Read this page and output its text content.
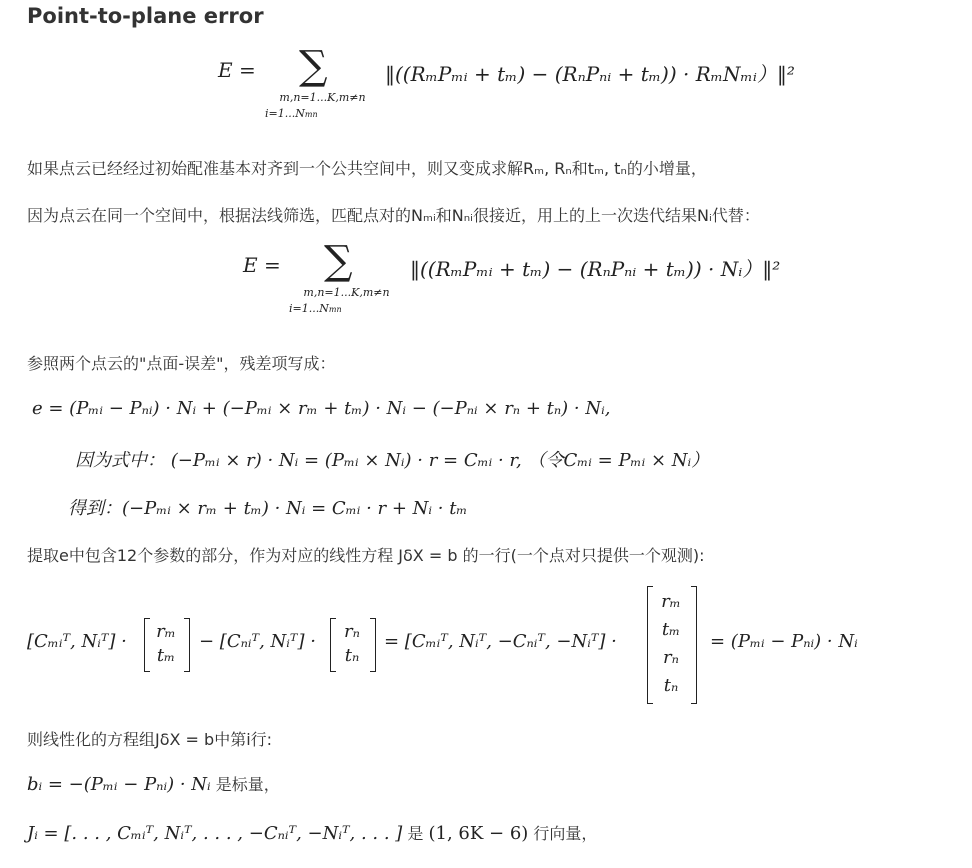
Point-to-plane error
E = ∑
m,n=1...K,m≠n
i=1...Nmn
‖((RₘPₘᵢ + tₘ) − (RₙPₙᵢ + tₘ)) · RₘNₘᵢ）‖²
如果点云已经经过初始配准基本对齐到一个公共空间中，则又变成求解Rₘ, Rₙ和tₘ, tₙ的小增量，
因为点云在同一个空间中，根据法线筛选，匹配点对的Nₘᵢ和Nₙᵢ很接近，用上的上一次迭代结果Nᵢ代替：
E = ∑
m,n=1...K,m≠n
i=1...Nmn
‖((RₘPₘᵢ + tₘ) − (RₙPₙᵢ + tₘ)) · Nᵢ）‖²
参照两个点云的"点面-误差"，残差项写成：
e = (Pₘᵢ − Pₙᵢ) · Nᵢ + (−Pₘᵢ × rₘ + tₘ) · Nᵢ − (−Pₙᵢ × rₙ + tₙ) · Nᵢ,
因为式中： (−Pₘᵢ × r) · Nᵢ = (Pₘᵢ × Nᵢ) · r = Cₘᵢ · r, （令Cₘᵢ = Pₘᵢ × Nᵢ）
得到：(−Pₘᵢ × rₘ + tₘ) · Nᵢ = Cₘᵢ · r + Nᵢ · tₘ
提取e中包含12个参数的部分，作为对应的线性方程 JδX = b 的一行(一个点对只提供一个观测):
[Cₘᵢᵀ, Nᵢᵀ] ·	rₘ
tₘ
− [Cₙᵢᵀ, Nᵢᵀ] ·	rₙ
tₙ
= [Cₘᵢᵀ, Nᵢᵀ, −Cₙᵢᵀ, −Nᵢᵀ] ·
rₘ
tₘ
rₙ
tₙ
= (Pₘᵢ − Pₙᵢ) · Nᵢ
则线性化的方程组JδX = b中第i行:
bᵢ = −(Pₘᵢ − Pₙᵢ) · Nᵢ 是标量，
Jᵢ = [. . . , Cₘᵢᵀ, Nᵢᵀ, . . . , −Cₙᵢᵀ, −Nᵢᵀ, . . . ] 是 (1, 6K − 6) 行向量，
